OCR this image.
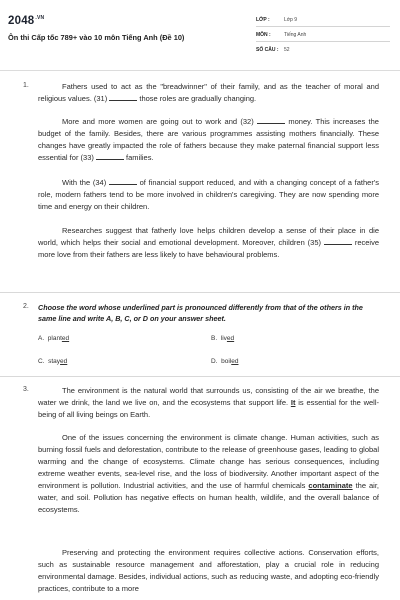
$2048^{.VN}$
Ôn thi Cấp tốc 789+ vào 10 môn Tiếng Anh (Đề 10)
LỚP :	Lớp 9
MÔN :	Tiếng Anh
SỐ CÂU : 52
1.	Fathers used to act as the "breadwinner" of their family, and as the teacher of moral and religious values. (31)	those roles are gradually changing.
More and more women are going out to work and (32)	money. This increases the budget of the family. Besides, there are various programmes assisting mothers financially. These changes have greatly impacted the role of fathers because they make paternal financial support less essential for (33)	families.
With the (34)	of financial support reduced, and with a changing concept of a father's role, modern fathers tend to be more involved in children's caregiving. They are now spending more time and energy on their children.
Researches suggest that fatherly love helps children develop a sense of their place in die world, which helps their social and emotional development. Moreover, children (35)	receive more love from their fathers are less likely to have behavioural problems.
2. Choose the word whose underlined part is pronounced differently from that of the others in the same line and write A, B, C, or D on your answer sheet.
A. planted	B. lived
C. stayed	D. boiled
3.	The environment is the natural world that surrounds us, consisting of the air we breathe, the water we drink, the land we live on, and the ecosystems that support life. It is essential for the well-being of all living beings on Earth.
One of the issues concerning the environment is climate change. Human activities, such as burning fossil fuels and deforestation, contribute to the release of greenhouse gases, leading to global warming and the change of ecosystems. Climate change has serious consequences, including extreme weather events, sea-level rise, and the loss of biodiversity. Another important aspect of the environment is pollution. Industrial activities, and the use of harmful chemicals contaminate the air, water, and soil. Pollution has negative effects on human health, wildlife, and the overall balance of ecosystems.
Preserving and protecting the environment requires collective actions. Conservation efforts, such as sustainable resource management and afforestation, play a crucial role in reducing environmental damage. Besides, individual actions, such as reducing waste, and adopting eco-friendly practices, contribute to a more
